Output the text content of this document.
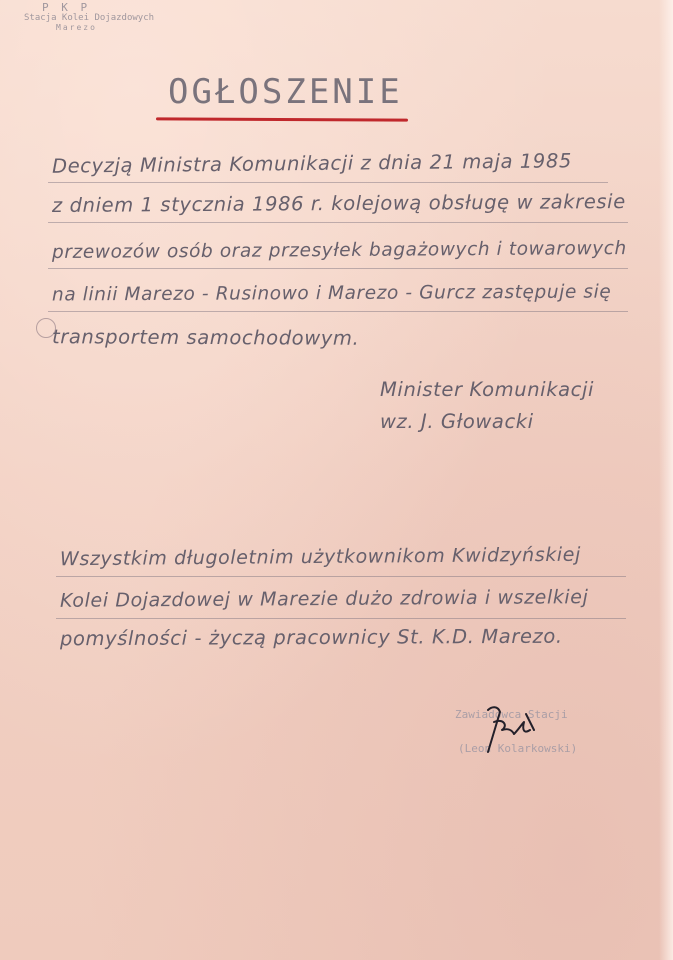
P K P
Stacja Kolei Dojazdowych
Marezo
OGŁOSZENIE
Decyzją Ministra Komunikacji z dnia 21 maja 1985
z dniem 1 stycznia 1986 r. kolejową obsługę w zakresie
przewozów osób oraz przesyłek bagażowych i towarowych
na linii Marezo - Rusinowo i Marezo - Gurcz zastępuje się
transportem samochodowym.
Minister Komunikacji
wz. J. Głowacki
Wszystkim długoletnim użytkownikom Kwidzyńskiej
Kolei Dojazdowej w Marezie dużo zdrowia i wszelkiej
pomyślności - życzą pracownicy St. K.D. Marezo.
Zawiadowca Stacji
(Leon Kolarkowski)
